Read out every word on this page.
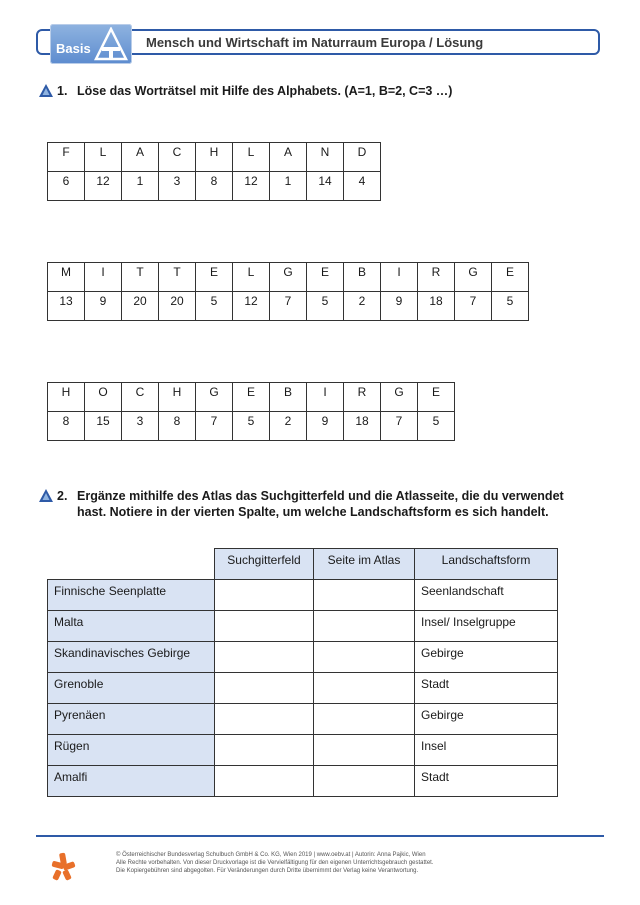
Basis	Mensch und Wirtschaft im Naturraum Europa / Lösung
1. Löse das Worträtsel mit Hilfe des Alphabets. (A=1, B=2, C=3 …)
F	L	A	C	H	L	A	N	D
6	12	1	3	8	12	1	14	4
M	I	T	T	E	L	G	E	B	I	R	G	E
13	9	20	20	5	12	7	5	2	9	18	7	5
H	O	C	H	G	E	B	I	R	G	E
8	15	3	8	7	5	2	9	18	7	5
2. Ergänze mithilfe des Atlas das Suchgitterfeld und die Atlasseite, die du verwendet
hast. Notiere in der vierten Spalte, um welche Landschaftsform es sich handelt.
	Suchgitterfeld	Seite im Atlas	Landschaftsform
Finnische Seenplatte			Seenlandschaft
Malta			Insel/ Inselgruppe
Skandinavisches Gebirge			Gebirge
Grenoble			Stadt
Pyrenäen			Gebirge
Rügen			Insel
Amalfi			Stadt
© Österreichischer Bundesverlag Schulbuch GmbH & Co. KG, Wien 2019 | www.oebv.at | Autorin: Anna Pajkic, Wien
Alle Rechte vorbehalten. Von dieser Druckvorlage ist die Vervielfältigung für den eigenen Unterrichtsgebrauch gestattet.
Die Kopiergebühren sind abgegolten. Für Veränderungen durch Dritte übernimmt der Verlag keine Verantwortung.
